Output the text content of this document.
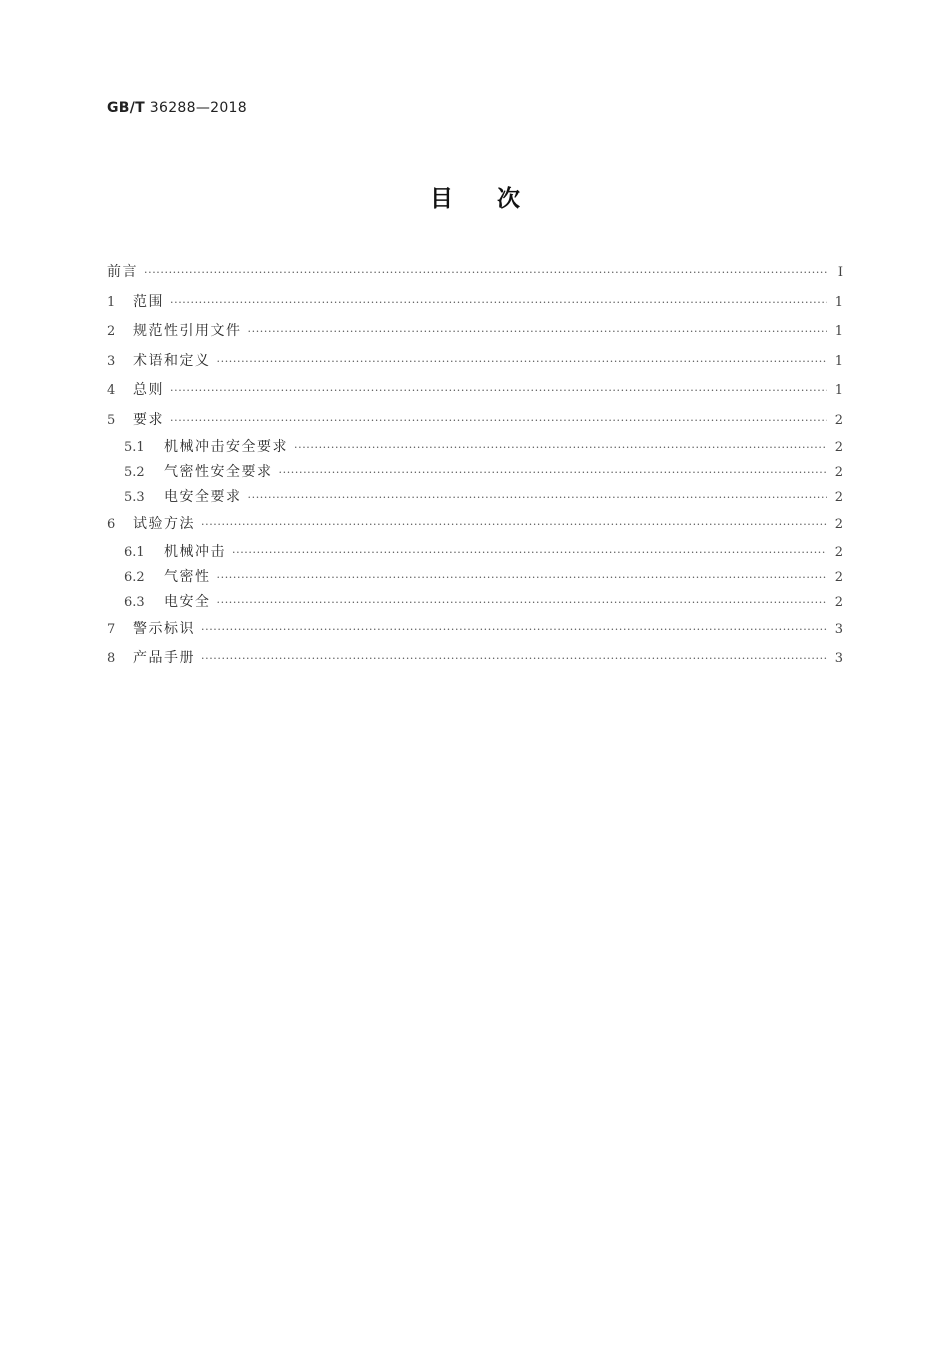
GB/T 36288—2018
目次
前言 ·····	Ⅰ
1	范围 ·····	1
2	规范性引用文件 ·····	1
3	术语和定义 ·····	1
4	总则 ·····	1
5	要求 ·····	2
5.1	机械冲击安全要求 ·····	2
5.2	气密性安全要求 ·····	2
5.3	电安全要求 ·····	2
6	试验方法 ·····	2
6.1	机械冲击 ·····	2
6.2	气密性 ·····	2
6.3	电安全 ·····	2
7	警示标识 ·····	3
8	产品手册 ·····	3
